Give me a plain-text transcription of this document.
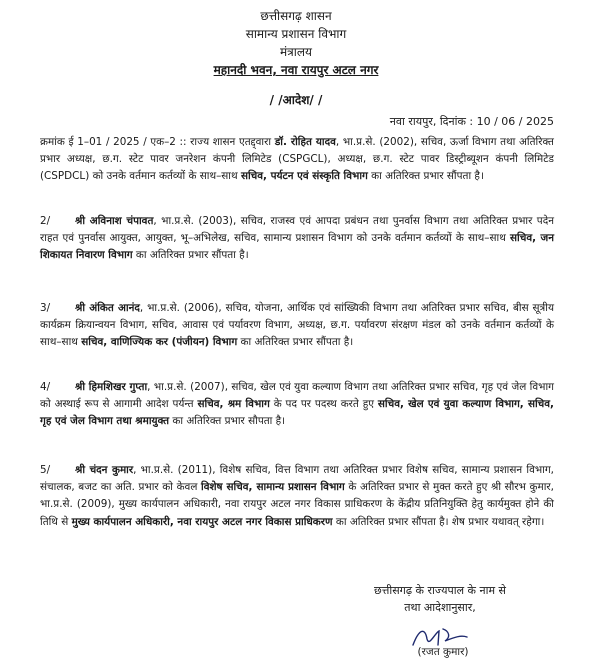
छत्तीसगढ़ शासन
सामान्य प्रशासन विभाग
मंत्रालय
महानदी भवन, नवा रायपुर अटल नगर
/ /आदेश/ /
नवा रायपुर, दिनांक : 10 / 06 / 2025

क्रमांक ई 1–01 / 2025 / एक–2 :: राज्य शासन एतद्द्वारा डॉ. रोहित यादव, भा.प्र.से. (2002), सचिव, ऊर्जा विभाग तथा अतिरिक्त प्रभार अध्यक्ष, छ.ग. स्टेट पावर जनरेशन कंपनी लिमिटेड (CSPGCL), अध्यक्ष, छ.ग. स्टेट पावर डिस्ट्रीब्यूशन कंपनी लिमिटेड (CSPDCL) को उनके वर्तमान कर्तव्यों के साथ–साथ सचिव, पर्यटन एवं संस्कृति विभाग का अतिरिक्त प्रभार सौंपता है।

2/ श्री अविनाश चंपावत, भा.प्र.से. (2003), सचिव, राजस्व एवं आपदा प्रबंधन तथा पुनर्वास विभाग तथा अतिरिक्त प्रभार पदेन राहत एवं पुनर्वास आयुक्त, आयुक्त, भू–अभिलेख, सचिव, सामान्य प्रशासन विभाग को उनके वर्तमान कर्तव्यों के साथ–साथ सचिव, जन शिकायत निवारण विभाग का अतिरिक्त प्रभार सौंपता है।

3/ श्री अंकित आनंद, भा.प्र.से. (2006), सचिव, योजना, आर्थिक एवं सांख्यिकी विभाग तथा अतिरिक्त प्रभार सचिव, बीस सूत्रीय कार्यक्रम क्रियान्वयन विभाग, सचिव, आवास एवं पर्यावरण विभाग, अध्यक्ष, छ.ग. पर्यावरण संरक्षण मंडल को उनके वर्तमान कर्तव्यों के साथ–साथ सचिव, वाणिज्यिक कर (पंजीयन) विभाग का अतिरिक्त प्रभार सौंपता है।

4/ श्री हिमशिखर गुप्ता, भा.प्र.से. (2007), सचिव, खेल एवं युवा कल्याण विभाग तथा अतिरिक्त प्रभार सचिव, गृह एवं जेल विभाग को अस्थाई रूप से आगामी आदेश पर्यन्त सचिव, श्रम विभाग के पद पर पदस्थ करते हुए सचिव, खेल एवं युवा कल्याण विभाग, सचिव, गृह एवं जेल विभाग तथा श्रमायुक्त का अतिरिक्त प्रभार सौपता है।

5/ श्री चंदन कुमार, भा.प्र.से. (2011), विशेष सचिव, वित्त विभाग तथा अतिरिक्त प्रभार विशेष सचिव, सामान्य प्रशासन विभाग, संचालक, बजट का अति. प्रभार को केवल विशेष सचिव, सामान्य प्रशासन विभाग के अतिरिक्त प्रभार से मुक्त करते हुए श्री सौरभ कुमार, भा.प्र.से. (2009), मुख्य कार्यपालन अधिकारी, नवा रायपुर अटल नगर विकास प्राधिकरण के केंद्रीय प्रतिनियुक्ति हेतु कार्यमुक्त होने की तिथि से मुख्य कार्यपालन अधिकारी, नवा रायपुर अटल नगर विकास प्राधिकरण का अतिरिक्त प्रभार सौंपता है। शेष प्रभार यथावत् रहेगा।

छत्तीसगढ़ के राज्यपाल के नाम से
तथा आदेशानुसार,
(रजत कुमार)
